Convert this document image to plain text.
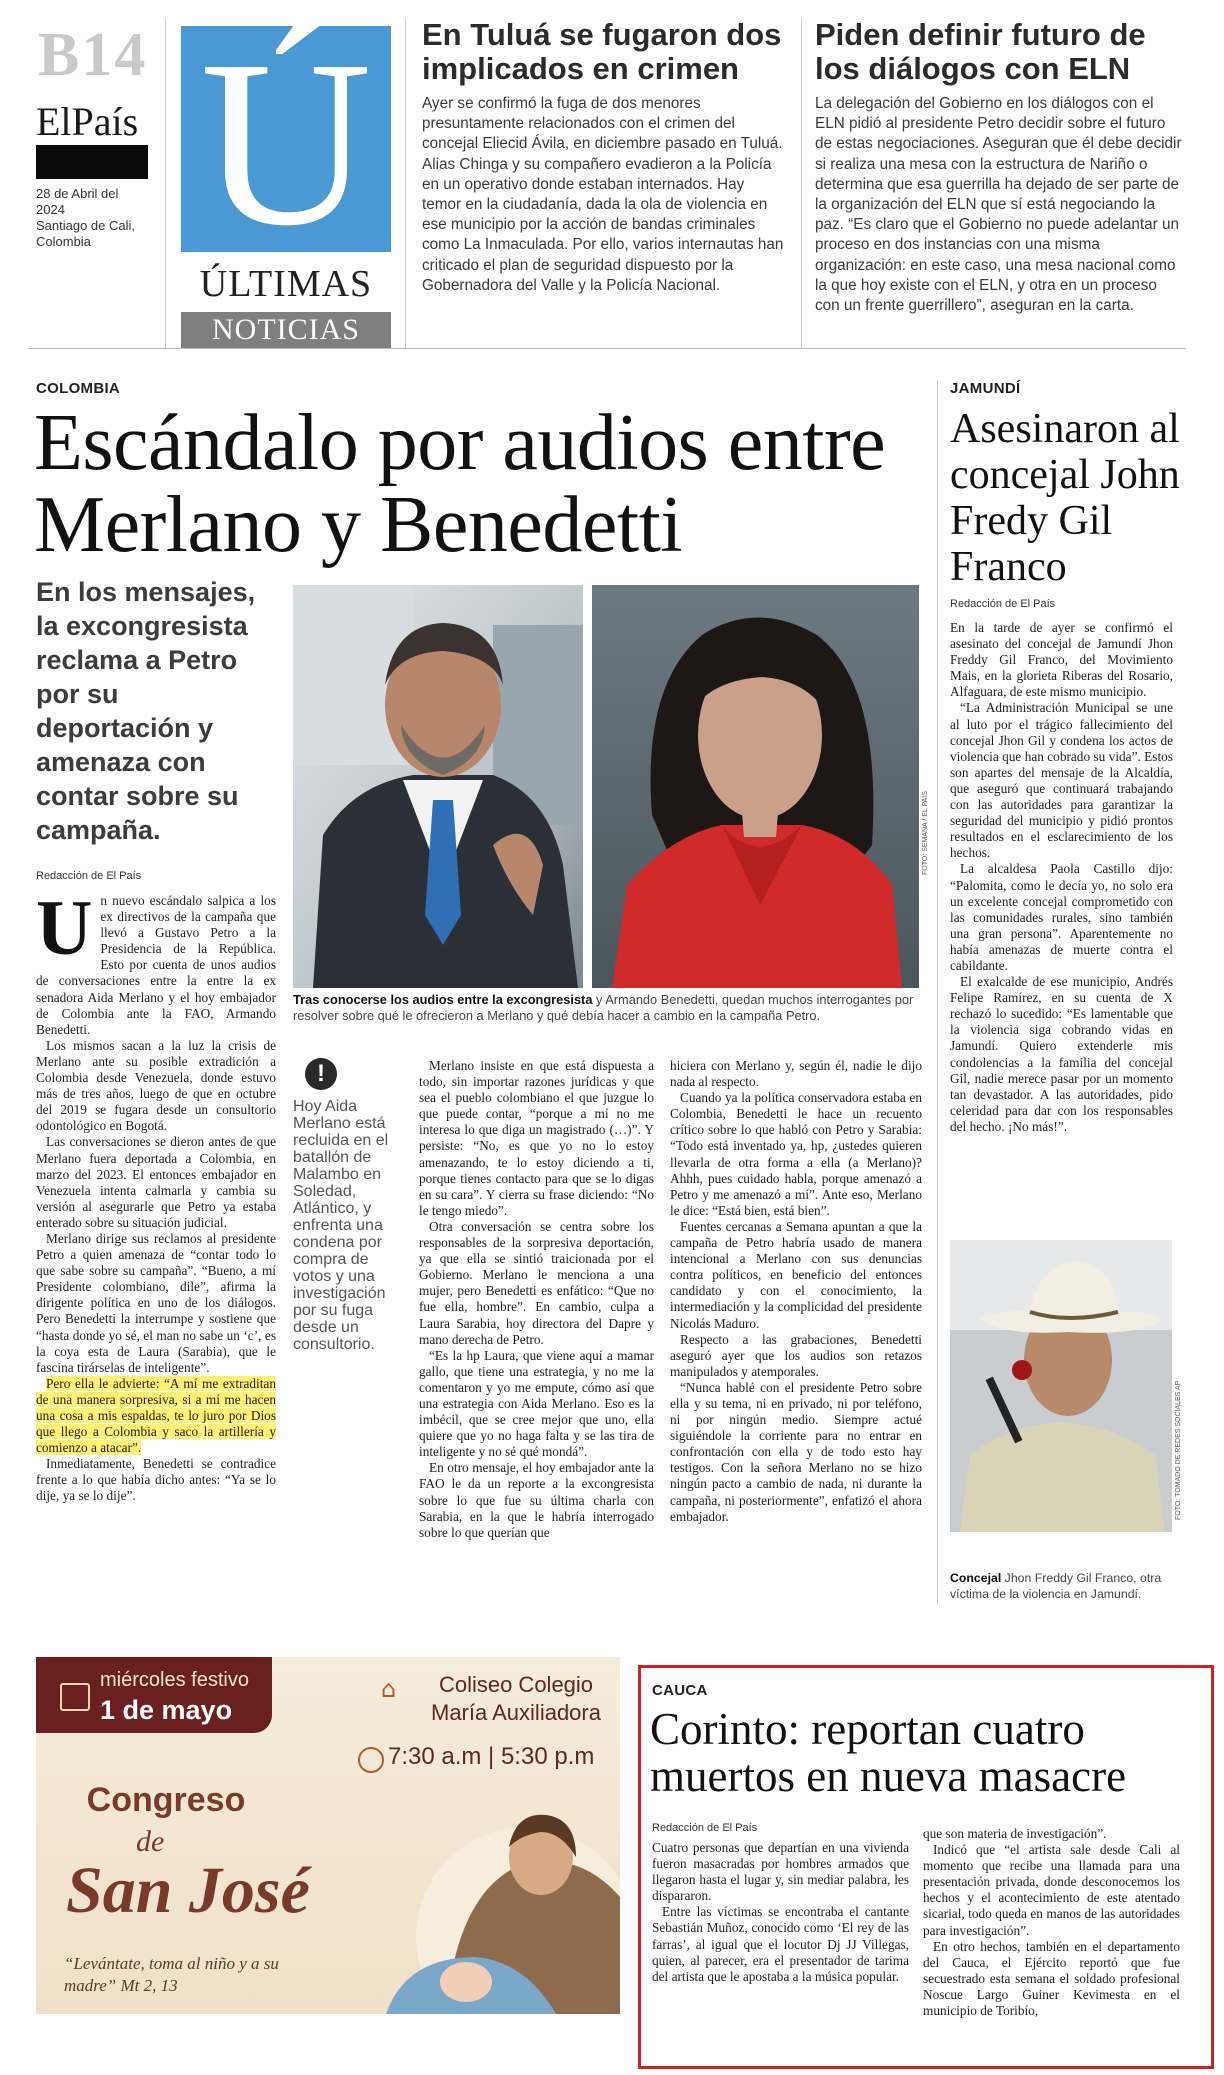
B14
ElPaís
28 de Abril del 2024
Santiago de Cali, Colombia Ú
ÚLTIMAS
NOTICIAS
En Tuluá se fugaron dos implicados en crimen
Ayer se confirmó la fuga de dos menores presuntamente relacionados con el crimen del concejal Eliecid Ávila, en diciembre pasado en Tuluá. Alias Chinga y su compañero evadieron a la Policía en un operativo donde estaban internados. Hay temor en la ciudadanía, dada la ola de violencia en ese municipio por la acción de bandas criminales como La Inmaculada. Por ello, varios internautas han criticado el plan de seguridad dispuesto por la Gobernadora del Valle y la Policía Nacional.
Piden definir futuro de los diálogos con ELN
La delegación del Gobierno en los diálogos con el ELN pidió al presidente Petro decidir sobre el futuro de estas negociaciones. Aseguran que él debe decidir si realiza una mesa con la estructura de Nariño o determina que esa guerrilla ha dejado de ser parte de la organización del ELN que sí está negociando la paz. “Es claro que el Gobierno no puede adelantar un proceso en dos instancias con una misma organización: en este caso, una mesa nacional como la que hoy existe con el ELN, y otra en un proceso con un frente guerrillero”, aseguran en la carta.
COLOMBIA
Escándalo por audios entre Merlano y Benedetti
En los mensajes, la excongresista reclama a Petro por su deportación y amenaza con contar sobre su campaña.	FOTO: SEMANA / EL PAÍS
Tras conocerse los audios entre la excongresista y Armando Benedetti, quedan muchos interrogantes por resolver sobre qué le ofrecieron a Merlano y qué debía hacer a cambio en la campaña Petro.
Redacción de El País
U n nuevo escándalo salpica a los ex directivos de la campaña que llevó a Gustavo Petro a la Presidencia de la República. Esto por cuenta de unos audios de conversaciones entre la entre la ex senadora Aida Merlano y el hoy embajador de Colombia ante la FAO, Armando Benedetti.

Los mismos sacan a la luz la crisis de Merlano ante su posible extradición a Colombia desde Venezuela, donde estuvo más de tres años, luego de que en octubre del 2019 se fugara desde un consultorio odontológico en Bogotá.

Las conversaciones se dieron antes de que Merlano fuera deportada a Colombia, en marzo del 2023. El entonces embajador en Venezuela intenta calmarla y cambia su versión al asegurarle que Petro ya estaba enterado sobre su situación judicial.

Merlano dirige sus reclamos al presidente Petro a quien amenaza de “contar todo lo que sabe sobre su campaña”. “Bueno, a mí Presidente colombiano, dile”, afirma la dirigente política en uno de los diálogos. Pero Benedetti la interrumpe y sostiene que “hasta donde yo sé, el man no sabe un ‘c’, es la coya esta de Laura (Sarabia), que le fascina tirárselas de inteligente”.

Pero ella le advierte: “A mí me extraditan de una manera sorpresiva, si a mí me hacen una cosa a mis espaldas, te lo juro por Dios que llego a Colombia y saco la artillería y comienzo a atacar”.

Inmediatamente, Benedetti se contradice frente a lo que había dicho antes: “Ya se lo dije, ya se lo dije”.

!
Hoy Aida Merlano está recluida en el batallón de Malambo en Soledad, Atlántico, y enfrenta una condena por compra de votos y una investigación por su fuga desde un consultorio.

Merlano insiste en que está dispuesta a todo, sin importar razones jurídicas y que sea el pueblo colombiano el que juzgue lo que puede contar, “porque a mí no me interesa lo que diga un magistrado (…)”. Y persiste: “No, es que yo no lo estoy amenazando, te lo estoy diciendo a ti, porque tienes contacto para que se lo digas en su cara”. Y cierra su frase diciendo: “No le tengo miedo”.

Otra conversación se centra sobre los responsables de la sorpresiva deportación, ya que ella se sintió traicionada por el Gobierno. Merlano le menciona a una mujer, pero Benedetti es enfático: “Que no fue ella, hombre”. En cambio, culpa a Laura Sarabia, hoy directora del Dapre y mano derecha de Petro.

“Es la hp Laura, que viene aquí a mamar gallo, que tiene una estrategia, y no me la comentaron y yo me empute, cómo así que una estrategia con Aida Merlano. Eso es la imbécil, que se cree mejor que uno, ella quiere que yo no haga falta y se las tira de inteligente y no sé qué mondá”.

En otro mensaje, el hoy embajador ante la FAO le da un reporte a la excongresista sobre lo que fue su última charla con Sarabia, en la que le habría interrogado sobre lo que querían que

hiciera con Merlano y, según él, nadie le dijo nada al respecto.

Cuando ya la política conservadora estaba en Colombia, Benedetti le hace un recuento crítico sobre lo que habló con Petro y Sarabia: “Todo está inventado ya, hp, ¿ustedes quieren llevarla de otra forma a ella (a Merlano)? Ahhh, pues cuidado habla, porque amenazó a Petro y me amenazó a mí”. Ante eso, Merlano le dice: “Está bien, está bien”.

Fuentes cercanas a Semana apuntan a que la campaña de Petro habría usado de manera intencional a Merlano con sus denuncias contra políticos, en beneficio del entonces candidato y con el conocimiento, la intermediación y la complicidad del presidente Nicolás Maduro.

Respecto a las grabaciones, Benedetti aseguró ayer que los audios son retazos manipulados y atemporales.

“Nunca hablé con el presidente Petro sobre ella y su tema, ni en privado, ni por teléfono, ni por ningún medio. Siempre actué siguiéndole la corriente para no entrar en confrontación con ella y de todo esto hay testigos. Con la señora Merlano no se hizo ningún pacto a cambio de nada, ni durante la campaña, ni posteriormente”, enfatizó el ahora embajador.

JAMUNDÍ
Asesinaron al concejal John Fredy Gil Franco
Redacción de El País

En la tarde de ayer se confirmó el asesinato del concejal de Jamundí Jhon Freddy Gil Franco, del Movimiento Mais, en la glorieta Riberas del Rosario, Alfaguara, de este mismo municipio.

“La Administración Municipal se une al luto por el trágico fallecimiento del concejal Jhon Gil y condena los actos de violencia que han cobrado su vida”. Estos son apartes del mensaje de la Alcaldía, que aseguró que continuará trabajando con las autoridades para garantizar la seguridad del municipio y pidió prontos resultados en el esclarecimiento de los hechos.

La alcaldesa Paola Castillo dijo: “Palomita, como le decía yo, no solo era un excelente concejal comprometido con las comunidades rurales, sino también una gran persona”. Aparentemente no había amenazas de muerte contra el cabildante.

El exalcalde de ese municipio, Andrés Felipe Ramírez, en su cuenta de X rechazó lo sucedido: “Es lamentable que la violencia siga cobrando vidas en Jamundí. Quiero extenderle mis condolencias a la familia del concejal Gil, nadie merece pasar por un momento tan devastador. A las autoridades, pido celeridad para dar con los responsables del hecho. ¡No más!”.

FOTO: TOMADO DE REDES SOCIALES AP
Concejal Jhon Freddy Gil Franco, otra víctima de la violencia en Jamundí.
miércoles festivo
1 de mayo
⌂	Coliseo Colegio María Auxiliadora
7:30 a.m | 5:30 p.m
Congreso
de
San José
“Levántate, toma al niño y a su madre” Mt 2, 13
CAUCA
Corinto: reportan cuatro muertos en nueva masacre
Redacción de El País

Cuatro personas que departían en una vivienda fueron masacradas por hombres armados que llegaron hasta el lugar y, sin mediar palabra, les dispararon.

Entre las víctimas se encontraba el cantante Sebastián Muñoz, conocido como ‘El rey de las farras’, al igual que el locutor Dj JJ Villegas, quien, al parecer, era el presentador de tarima del artista que le apostaba a la música popular.

que son materia de investigación”.

Indicó que “el artista sale desde Cali al momento que recibe una llamada para una presentación privada, donde desconocemos los hechos y el acontecimiento de este atentado sicarial, todo queda en manos de las autoridades para investigación”.

En otro hechos, también en el departamento del Cauca, el Ejército reportó que fue secuestrado esta semana el soldado profesional Noscue Largo Guiner Kevimesta en el municipio de Toribío,
